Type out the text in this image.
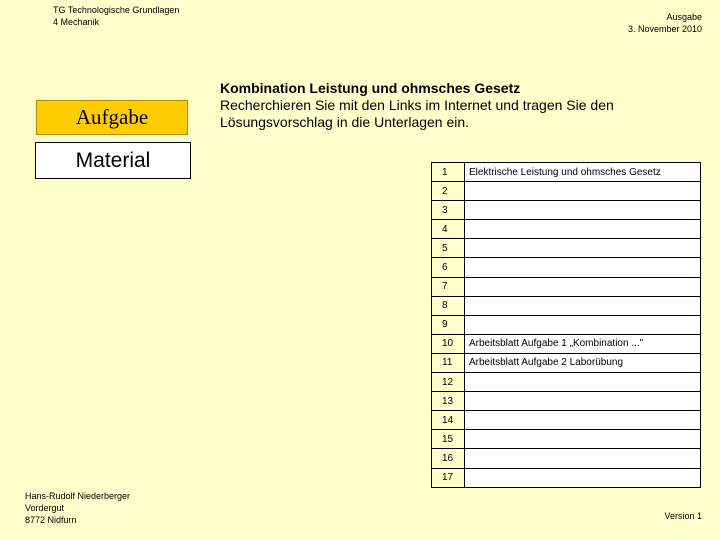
TG Technologische Grundlagen
4 Mechanik	Ausgabe
3. November 2010
Aufgabe
Material
Kombination Leistung und ohmsches Gesetz
Recherchieren Sie mit den Links im Internet und tragen Sie den
Lösungsvorschlag in die Unterlagen ein.
1	Elektrische Leistung und ohmsches Gesetz
2	
3	
4	
5	
6	
7	
8	
9	
10	Arbeitsblatt Aufgabe 1 „Kombination ..."
11	Arbeitsblatt Aufgabe 2 Laborübung
12	
13	
14	
15	
16	
17	
Hans-Rudolf Niederberger
Vordergut
8772 Nidfurn	Version 1
